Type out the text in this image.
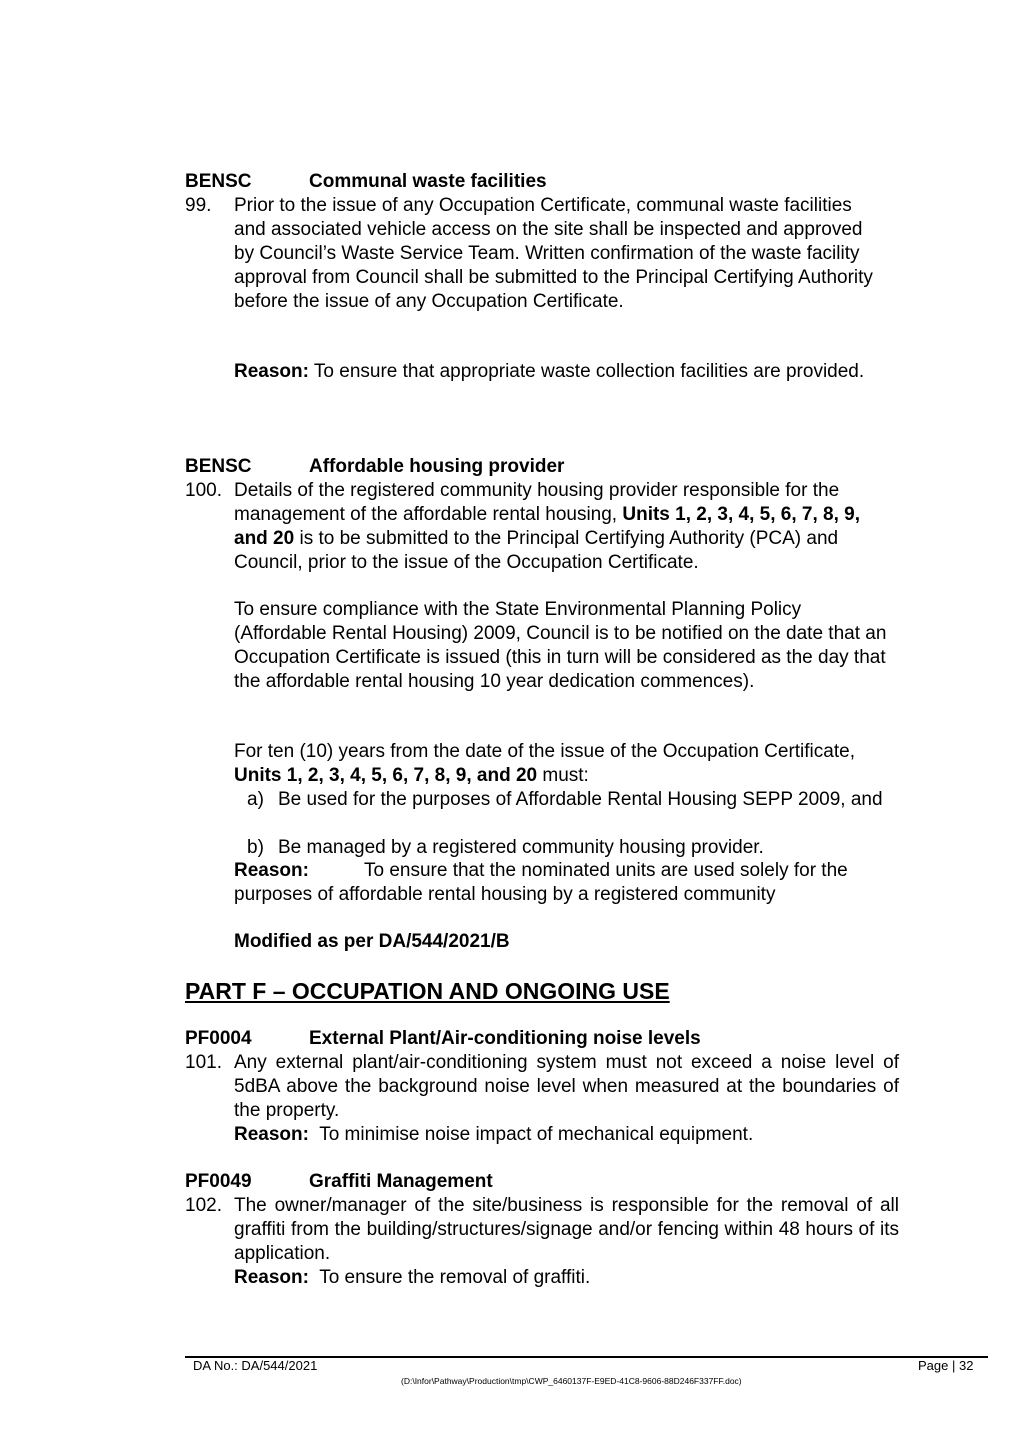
BENSC	Communal waste facilities
99. Prior to the issue of any Occupation Certificate, communal waste facilities and associated vehicle access on the site shall be inspected and approved by Council’s Waste Service Team. Written confirmation of the waste facility approval from Council shall be submitted to the Principal Certifying Authority before the issue of any Occupation Certificate.

Reason: To ensure that appropriate waste collection facilities are provided.

BENSC	Affordable housing provider
100. Details of the registered community housing provider responsible for the management of the affordable rental housing, Units 1, 2, 3, 4, 5, 6, 7, 8, 9, and 20 is to be submitted to the Principal Certifying Authority (PCA) and Council, prior to the issue of the Occupation Certificate.

To ensure compliance with the State Environmental Planning Policy (Affordable Rental Housing) 2009, Council is to be notified on the date that an Occupation Certificate is issued (this in turn will be considered as the day that the affordable rental housing 10 year dedication commences).

For ten (10) years from the date of the issue of the Occupation Certificate, Units 1, 2, 3, 4, 5, 6, 7, 8, 9, and 20 must:

a) Be used for the purposes of Affordable Rental Housing SEPP 2009, and
b) Be managed by a registered community housing provider.

Reason:	To ensure that the nominated units are used solely for the purposes of affordable rental housing by a registered community

Modified as per DA/544/2021/B
PART F – OCCUPATION AND ONGOING USE
PF0004	External Plant/Air-conditioning noise levels
101. Any external plant/air-conditioning system must not exceed a noise level of 5dBA above the background noise level when measured at the boundaries of the property.

Reason: To minimise noise impact of mechanical equipment.

PF0049	Graffiti Management
102. The owner/manager of the site/business is responsible for the removal of all graffiti from the building/structures/signage and/or fencing within 48 hours of its application.

Reason: To ensure the removal of graffiti.

DA No.: DA/544/2021	Page | 32
(D:\Infor\Pathway\Production\tmp\CWP_6460137F-E9ED-41C8-9606-88D246F337FF.doc)
